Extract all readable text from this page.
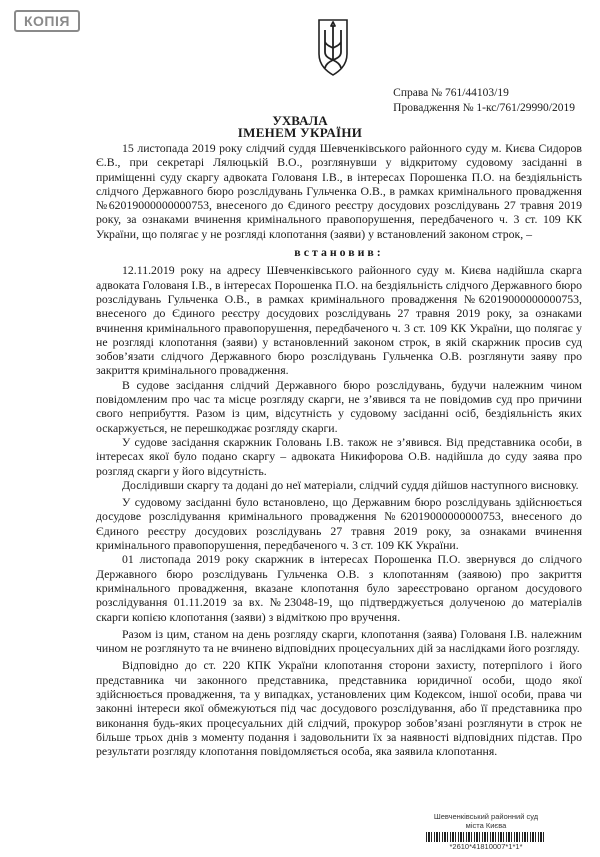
КОПІЯ
Справа № 761/44103/19
Провадження № 1-кс/761/29990/2019
УХВАЛА
ІМЕНЕМ УКРАЇНИ

15 листопада 2019 року слідчий суддя Шевченківського районного суду м. Києва Сидоров Є.В., при секретарі Лялюцькій В.О., розглянувши у відкритому судовому засіданні в приміщенні суду скаргу адвоката Голованя І.В., в інтересах Порошенка П.О. на бездіяльність слідчого Державного бюро розслідувань Гульченка О.В., в рамках кримінального провадження №62019000000000753, внесеного до Єдиного реєстру досудових розслідувань 27 травня 2019 року, за ознаками вчинення кримінального правопорушення, передбаченого ч. 3 ст. 109 КК України, що полягає у не розгляді клопотання (заяви) у встановлений законом строк, –

встановив:

12.11.2019 року на адресу Шевченківського районного суду м. Києва надійшла скарга адвоката Голованя І.В., в інтересах Порошенка П.О. на бездіяльність слідчого Державного бюро розслідувань Гульченка О.В., в рамках кримінального провадження №62019000000000753, внесеного до Єдиного реєстру досудових розслідувань 27 травня 2019 року, за ознаками вчинення кримінального правопорушення, передбаченого ч. 3 ст. 109 КК України, що полягає у не розгляді клопотання (заяви) у встановленний законом строк, в якій скаржник просив суд зобов’язати слідчого Державного бюро розслідувань Гульченка О.В. розглянути заяву про закриття кримінального провадження.

В судове засідання слідчий Державного бюро розслідувань, будучи належним чином повідомленим про час та місце розгляду скарги, не з’явився та не повідомив суд про причини свого неприбуття. Разом із цим, відсутність у судовому засіданні осіб, бездіяльність яких оскаржується, не перешкоджає розгляду скарги.

У судове засідання скаржник Головань І.В. також не з’явився. Від представника особи, в інтересах якої було подано скаргу – адвоката Никифорова О.В. надійшла до суду заява про розгляд скарги у його відсутність.

Дослідивши скаргу та додані до неї матеріали, слідчий суддя дійшов наступного висновку.

У судовому засіданні було встановлено, що Державним бюро розслідувань здійснюється досудове розслідування кримінального провадження №62019000000000753, внесеного до Єдиного реєстру досудових розслідувань 27 травня 2019 року, за ознаками вчинення кримінального правопорушення, передбаченого ч. 3 ст. 109 КК України.

01 листопада 2019 року скаржник в інтересах Порошенка П.О. звернувся до слідчого Державного бюро розслідувань Гульченка О.В. з клопотанням (заявою) про закриття кримінального провадження, вказане клопотання було зареєстровано органом досудового розслідування 01.11.2019 за вх. №23048-19, що підтверджується долученою до матеріалів скарги копією клопотання (заяви) з відміткою про вручення.

Разом із цим, станом на день розгляду скарги, клопотання (заява) Голованя І.В. належним чином не розглянуто та не вчинено відповідних процесуальних дій за наслідками його розгляду.

Відповідно до ст. 220 КПК України клопотання сторони захисту, потерпілого і його представника чи законного представника, представника юридичної особи, щодо якої здійснюється провадження, та у випадках, установлених цим Кодексом, іншої особи, права чи законні інтереси якої обмежуються під час досудового розслідування, або її представника про виконання будь-яких процесуальних дій слідчий, прокурор зобов’язані розглянути в строк не більше трьох днів з моменту подання і задовольнити їх за наявності відповідних підстав. Про результати розгляду клопотання повідомляється особа, яка заявила клопотання.

Шевченківський районний суд
міста Києва
*2610*41810007*1*1*
